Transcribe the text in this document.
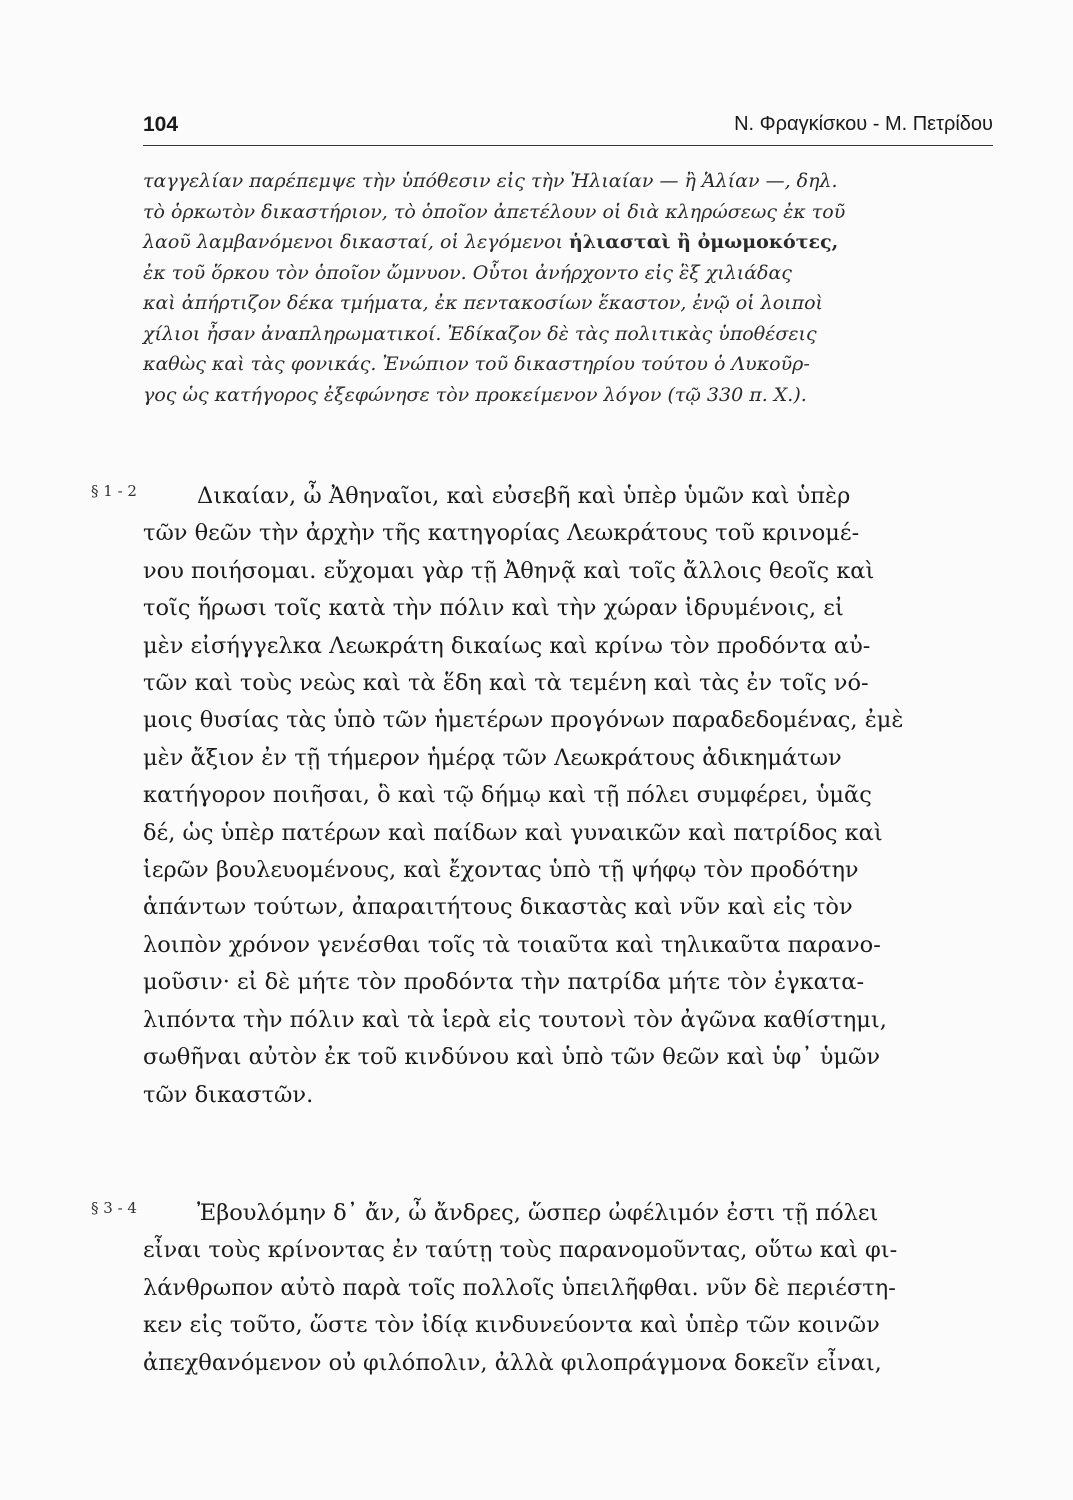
104	Ν. Φραγκίσκου - Μ. Πετρίδου
ταγγελίαν παρέπεμψε τὴν ὑπόθεσιν εἰς τὴν Ἡλιαίαν — ἢ Ἁλίαν —, δηλ.
τὸ ὁρκωτὸν δικαστήριον, τὸ ὁποῖον ἀπετέλουν οἱ διὰ κληρώσεως ἐκ τοῦ
λαοῦ λαμβανόμενοι δικασταί, οἱ λεγόμενοι ἡλιασταὶ ἢ ὀμωμοκότες,
ἐκ τοῦ ὅρκου τὸν ὁποῖον ὤμνυον. Οὗτοι ἀνήρχοντο εἰς ἓξ χιλιάδας
καὶ ἀπήρτιζον δέκα τμήματα, ἐκ πεντακοσίων ἕκαστον, ἐνῷ οἱ λοιποὶ
χίλιοι ἦσαν ἀναπληρωματικοί. Ἐδίκαζον δὲ τὰς πολιτικὰς ὑποθέσεις
καθὼς καὶ τὰς φονικάς. Ἐνώπιον τοῦ δικαστηρίου τούτου ὁ Λυκοῦρ-
γος ὡς κατήγορος ἐξεφώνησε τὸν προκείμενον λόγον (τῷ 330 π. Χ.).
§ 1 - 2	Δικαίαν, ὦ Ἀθηναῖοι, καὶ εὐσεβῆ καὶ ὑπὲρ ὑμῶν καὶ ὑπὲρ
τῶν θεῶν τὴν ἀρχὴν τῆς κατηγορίας Λεωκράτους τοῦ κρινομέ-
νου ποιήσομαι. εὔχομαι γὰρ τῇ Ἀθηνᾷ καὶ τοῖς ἄλλοις θεοῖς καὶ
τοῖς ἥρωσι τοῖς κατὰ τὴν πόλιν καὶ τὴν χώραν ἱδρυμένοις, εἰ
μὲν εἰσήγγελκα Λεωκράτη δικαίως καὶ κρίνω τὸν προδόντα αὐ-
τῶν καὶ τοὺς νεὼς καὶ τὰ ἕδη καὶ τὰ τεμένη καὶ τὰς ἐν τοῖς νό-
μοις θυσίας τὰς ὑπὸ τῶν ἡμετέρων προγόνων παραδεδομένας, ἐμὲ
μὲν ἄξιον ἐν τῇ τήμερον ἡμέρᾳ τῶν Λεωκράτους ἀδικημάτων
κατήγορον ποιῆσαι, ὃ καὶ τῷ δήμῳ καὶ τῇ πόλει συμφέρει, ὑμᾶς
δέ, ὡς ὑπὲρ πατέρων καὶ παίδων καὶ γυναικῶν καὶ πατρίδος καὶ
ἱερῶν βουλευομένους, καὶ ἔχοντας ὑπὸ τῇ ψήφῳ τὸν προδότην
ἁπάντων τούτων, ἀπαραιτήτους δικαστὰς καὶ νῦν καὶ εἰς τὸν
λοιπὸν χρόνον γενέσθαι τοῖς τὰ τοιαῦτα καὶ τηλικαῦτα παρανο-
μοῦσιν· εἰ δὲ μήτε τὸν προδόντα τὴν πατρίδα μήτε τὸν ἐγκατα-
λιπόντα τὴν πόλιν καὶ τὰ ἱερὰ εἰς τουτονὶ τὸν ἀγῶνα καθίστημι,
σωθῆναι αὐτὸν ἐκ τοῦ κινδύνου καὶ ὑπὸ τῶν θεῶν καὶ ὑφ᾽ ὑμῶν
τῶν δικαστῶν.
§ 3 - 4	Ἐβουλόμην δ᾽ ἄν, ὦ ἄνδρες, ὥσπερ ὠφέλιμόν ἐστι τῇ πόλει
εἶναι τοὺς κρίνοντας ἐν ταύτῃ τοὺς παρανομοῦντας, οὕτω καὶ φι-
λάνθρωπον αὐτὸ παρὰ τοῖς πολλοῖς ὑπειλῆφθαι. νῦν δὲ περιέστη-
κεν εἰς τοῦτο, ὥστε τὸν ἰδίᾳ κινδυνεύοντα καὶ ὑπὲρ τῶν κοινῶν
ἀπεχθανόμενον οὐ φιλόπολιν, ἀλλὰ φιλοπράγμονα δοκεῖν εἶναι,
